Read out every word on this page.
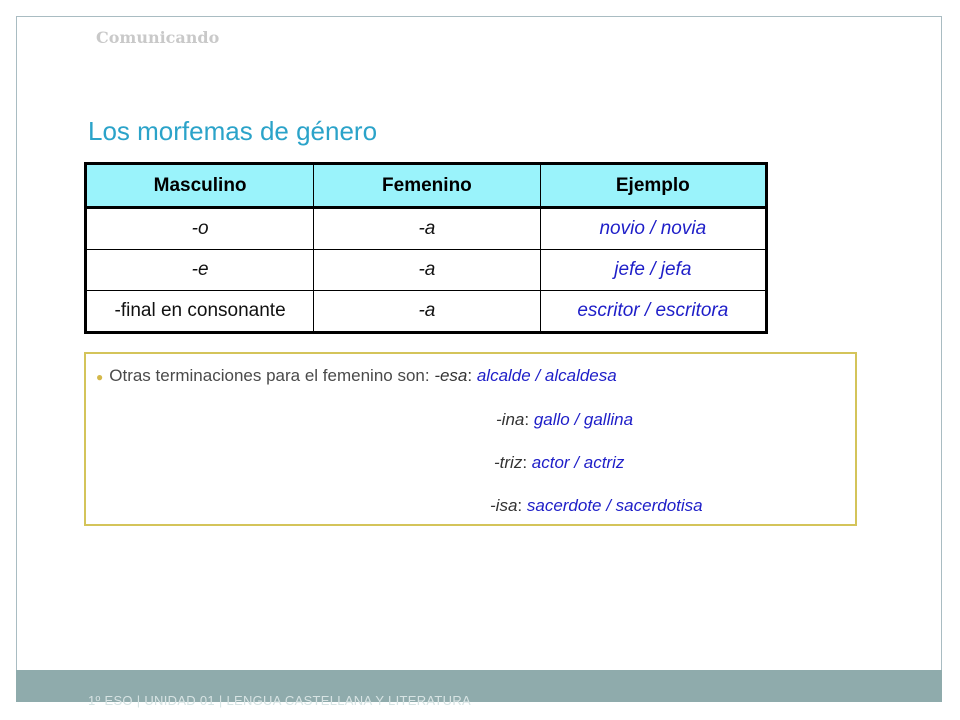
Comunicando
Los morfemas de género
Masculino	Femenino	Ejemplo
-o	-a	novio / novia
-e	-a	jefe / jefa
-final en consonante	-a	escritor / escritora
● Otras terminaciones para el femenino son: -esa: alcalde / alcaldesa
-ina: gallo / gallina
-triz: actor / actriz
-isa: sacerdote / sacerdotisa
1º ESO | UNIDAD 01 | LENGUA CASTELLANA Y LITERATURA
